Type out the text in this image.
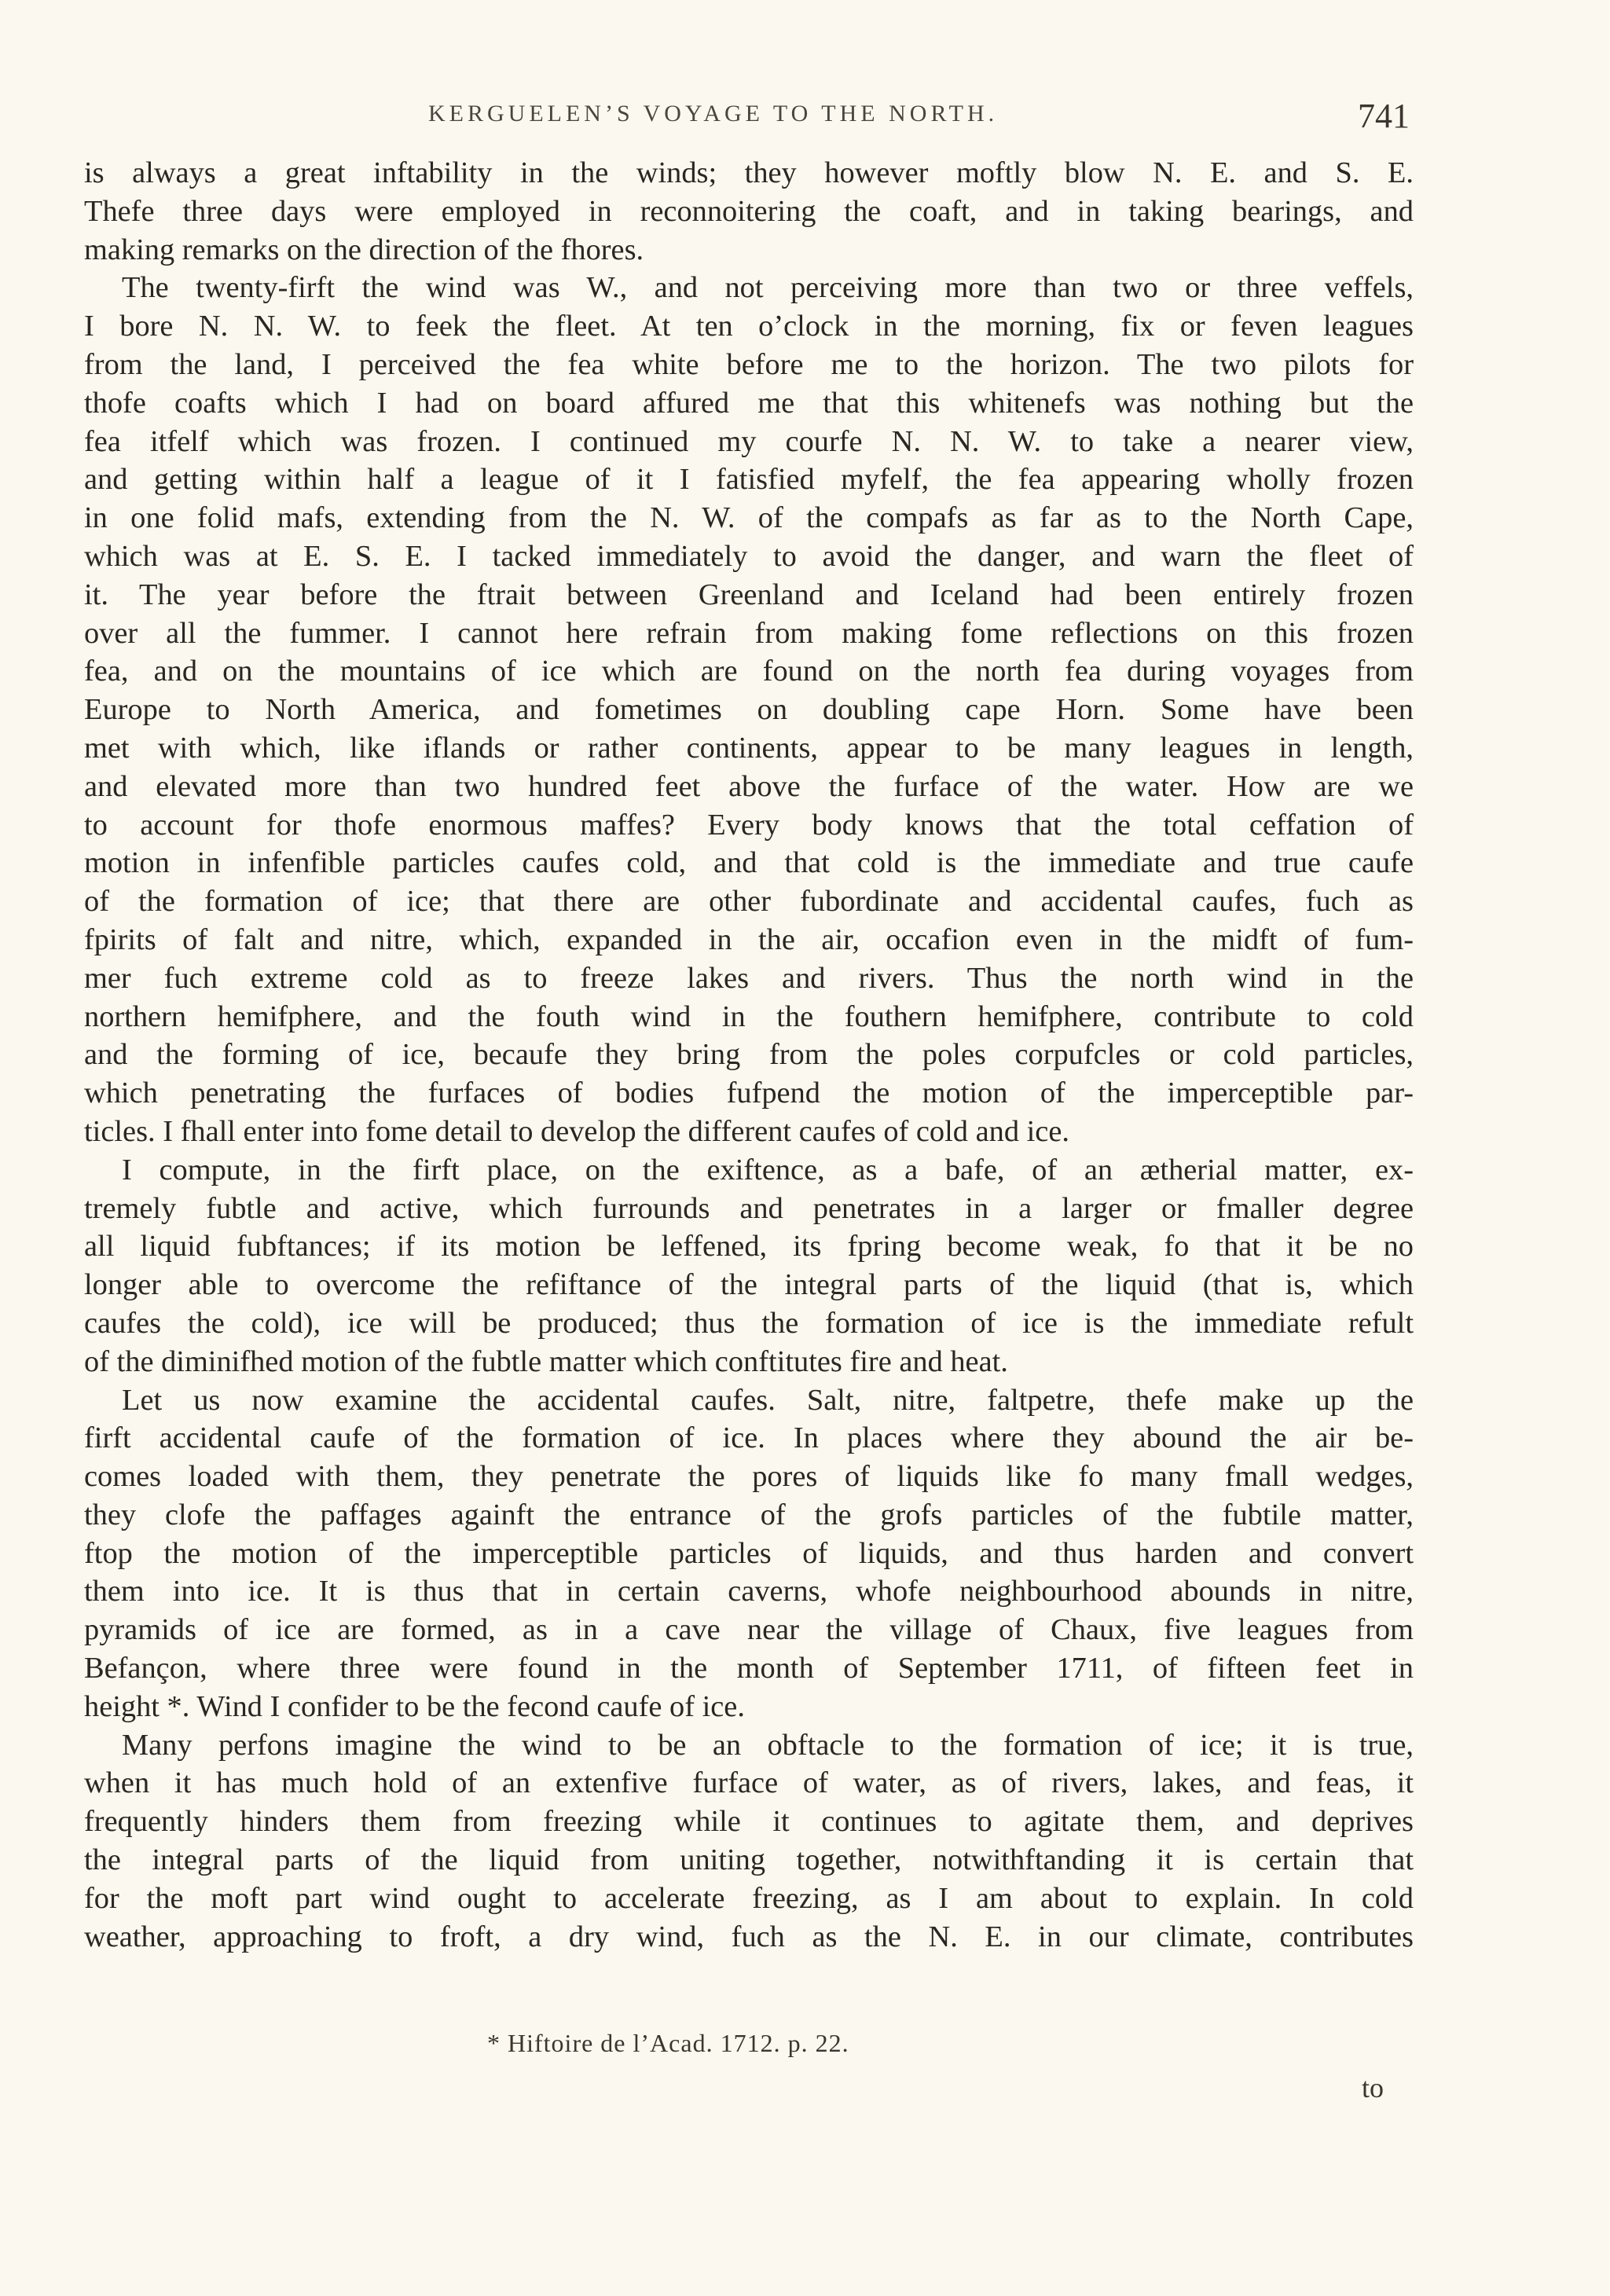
KERGUELEN’S VOYAGE TO THE NORTH.	741
is always a great inftability in the winds; they however moftly blow N. E. and S. E.
Thefe three days were employed in reconnoitering the coaft, and in taking bearings, and
making remarks on the direction of the fhores.
The twenty-firft the wind was W., and not perceiving more than two or three veffels,
I bore N. N. W. to feek the fleet. At ten o’clock in the morning, fix or feven leagues
from the land, I perceived the fea white before me to the horizon. The two pilots for
thofe coafts which I had on board affured me that this whitenefs was nothing but the
fea itfelf which was frozen. I continued my courfe N. N. W. to take a nearer view,
and getting within half a league of it I fatisfied myfelf, the fea appearing wholly frozen
in one folid mafs, extending from the N. W. of the compafs as far as to the North Cape,
which was at E. S. E. I tacked immediately to avoid the danger, and warn the fleet of
it. The year before the ftrait between Greenland and Iceland had been entirely frozen
over all the fummer. I cannot here refrain from making fome reflections on this frozen
fea, and on the mountains of ice which are found on the north fea during voyages from
Europe to North America, and fometimes on doubling cape Horn. Some have been
met with which, like iflands or rather continents, appear to be many leagues in length,
and elevated more than two hundred feet above the furface of the water. How are we
to account for thofe enormous maffes? Every body knows that the total ceffation of
motion in infenfible particles caufes cold, and that cold is the immediate and true caufe
of the formation of ice; that there are other fubordinate and accidental caufes, fuch as
fpirits of falt and nitre, which, expanded in the air, occafion even in the midft of fum-
mer fuch extreme cold as to freeze lakes and rivers. Thus the north wind in the
northern hemifphere, and the fouth wind in the fouthern hemifphere, contribute to cold
and the forming of ice, becaufe they bring from the poles corpufcles or cold particles,
which penetrating the furfaces of bodies fufpend the motion of the imperceptible par-
ticles. I fhall enter into fome detail to develop the different caufes of cold and ice.
I compute, in the firft place, on the exiftence, as a bafe, of an ætherial matter, ex-
tremely fubtle and active, which furrounds and penetrates in a larger or fmaller degree
all liquid fubftances; if its motion be leffened, its fpring become weak, fo that it be no
longer able to overcome the refiftance of the integral parts of the liquid (that is, which
caufes the cold), ice will be produced; thus the formation of ice is the immediate refult
of the diminifhed motion of the fubtle matter which conftitutes fire and heat.
Let us now examine the accidental caufes. Salt, nitre, faltpetre, thefe make up the
firft accidental caufe of the formation of ice. In places where they abound the air be-
comes loaded with them, they penetrate the pores of liquids like fo many fmall wedges,
they clofe the paffages againft the entrance of the grofs particles of the fubtile matter,
ftop the motion of the imperceptible particles of liquids, and thus harden and convert
them into ice. It is thus that in certain caverns, whofe neighbourhood abounds in nitre,
pyramids of ice are formed, as in a cave near the village of Chaux, five leagues from
Befançon, where three were found in the month of September 1711, of fifteen feet in
height *. Wind I confider to be the fecond caufe of ice.
Many perfons imagine the wind to be an obftacle to the formation of ice; it is true,
when it has much hold of an extenfive furface of water, as of rivers, lakes, and feas, it
frequently hinders them from freezing while it continues to agitate them, and deprives
the integral parts of the liquid from uniting together, notwithftanding it is certain that
for the moft part wind ought to accelerate freezing, as I am about to explain. In cold
weather, approaching to froft, a dry wind, fuch as the N. E. in our climate, contributes
* Hiftoire de l’Acad. 1712. p. 22.
to
